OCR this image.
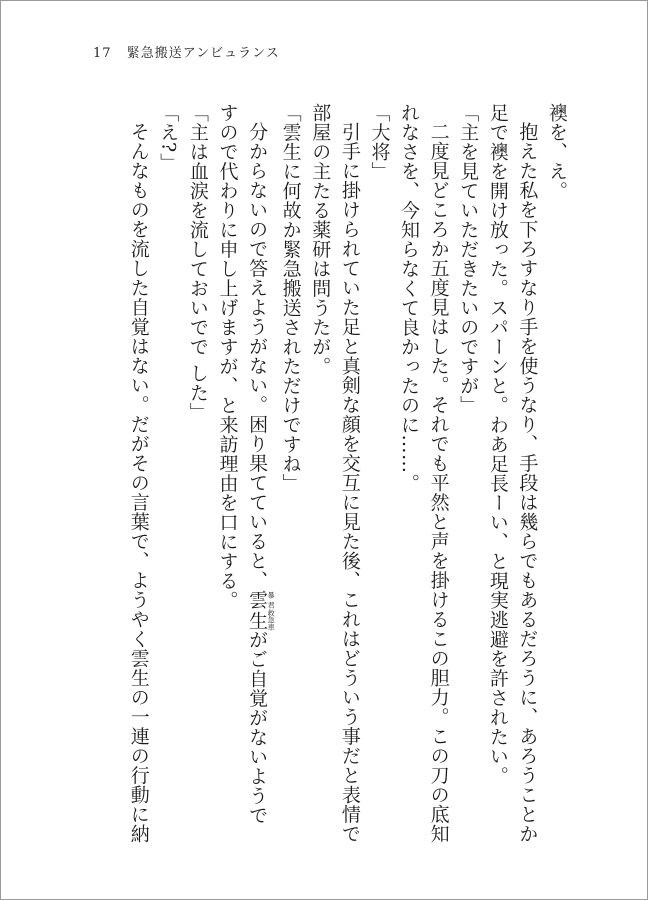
17 緊急搬送アンビュランス
襖を、え。
抱えた私を下ろすなり手を使うなり、手段は幾らでもあるだろうに、あろうことか
足で襖を開け放った。スパーンと。わあ足長ーい、と現実逃避を許されたい。
「主を見ていただきたいのですが」
二度見どころか五度見はした。それでも平然と声を掛けるこの胆力。この刀の底知
れなさを、今知らなくて良かったのに……。
「大将」
引手に掛けられていた足と真剣な顔を交互に見た後、これはどういう事だと表情で
部屋の主たる薬研は問うたが。
「雲生に何故か緊急搬送されただけですね」
分からないので答えようがない。困り果てていると、雲 暴君生 救急車がご自覚がないようで
すので代わりに申し上げますが、と来訪理由を口にする。
「主は血涙を流しておいでで した」
「え?」
そんなものを流した自覚はない。だがその言葉で、ようやく雲生の一連の行動に納
